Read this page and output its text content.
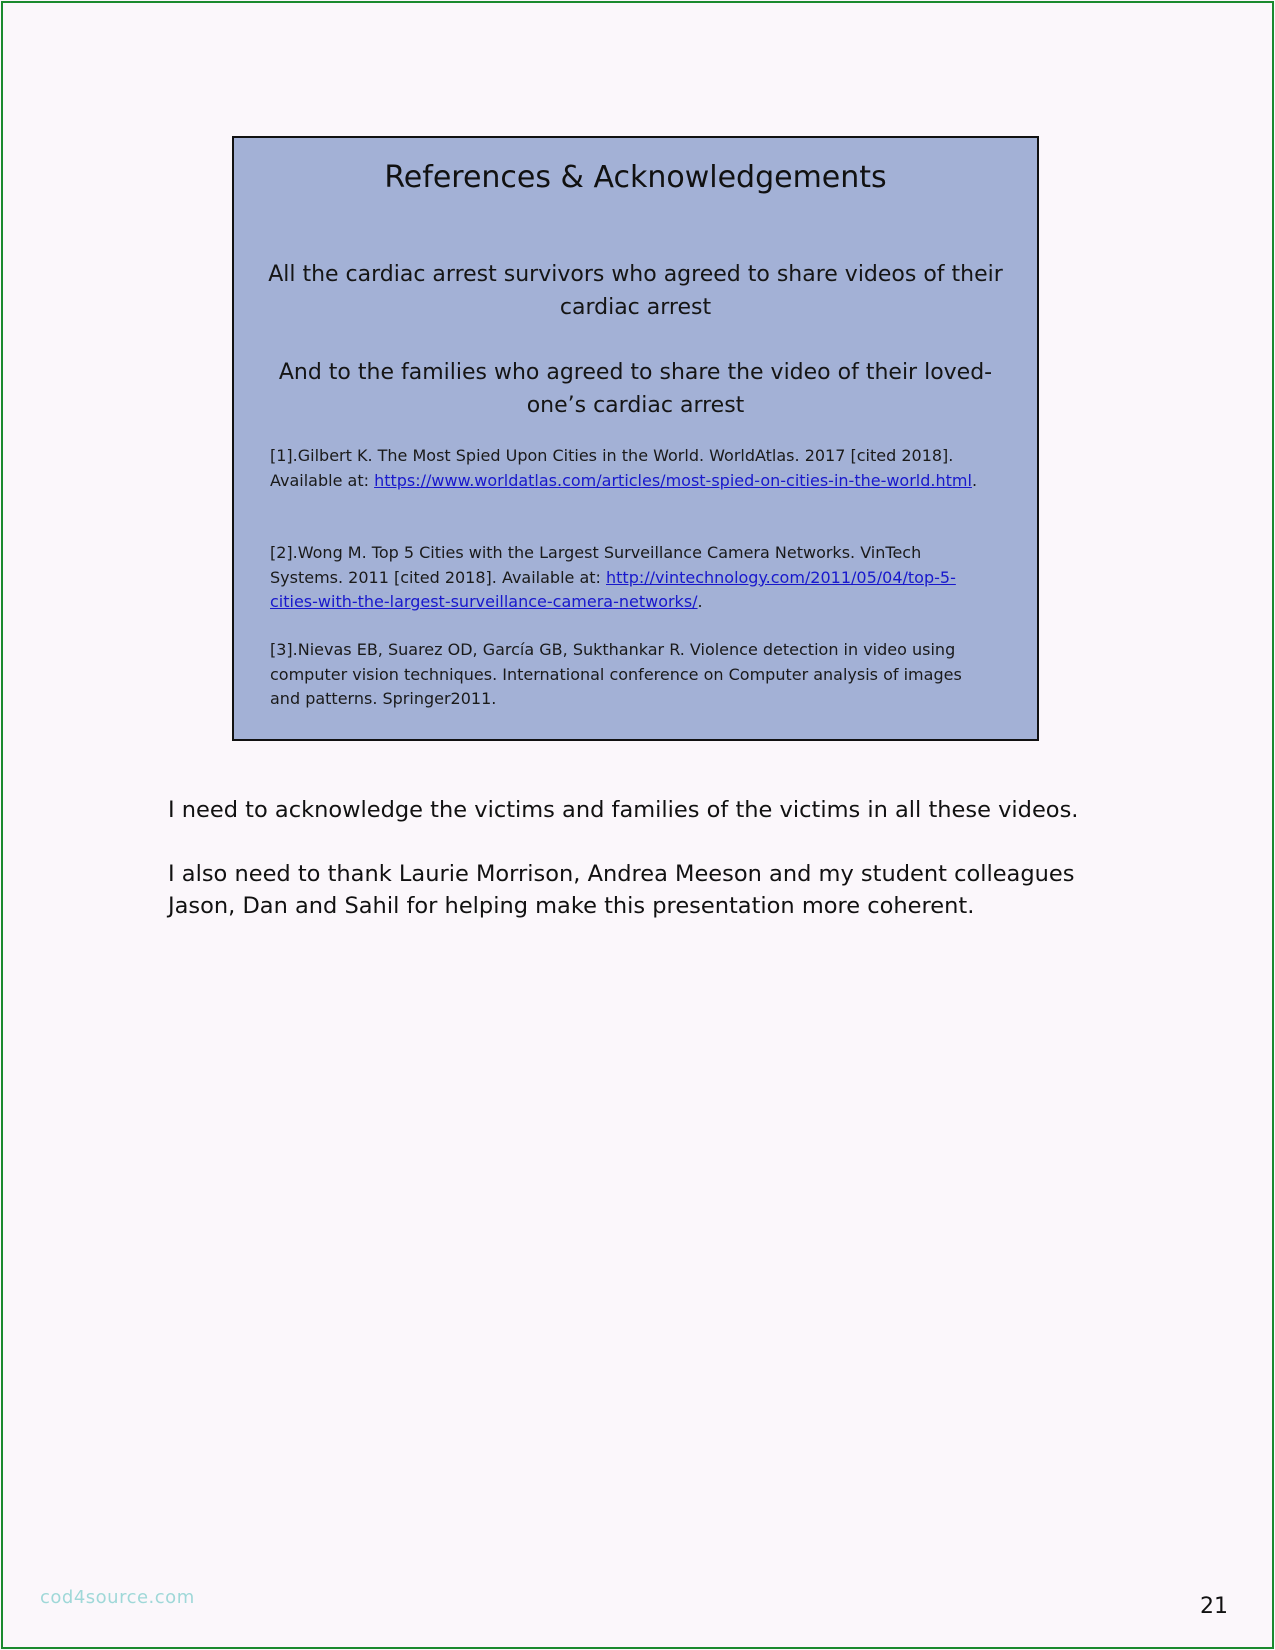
References & Acknowledgements
All the cardiac arrest survivors who agreed to share videos of their cardiac arrest
And to the families who agreed to share the video of their loved-one’s cardiac arrest
[1].Gilbert K. The Most Spied Upon Cities in the World. WorldAtlas. 2017 [cited 2018]. Available at: https://www.worldatlas.com/articles/most-spied-on-cities-in-the-world.html.
[2].Wong M. Top 5 Cities with the Largest Surveillance Camera Networks. VinTech Systems. 2011 [cited 2018]. Available at: http://vintechnology.com/2011/05/04/top-5-cities-with-the-largest-surveillance-camera-networks/.
[3].Nievas EB, Suarez OD, García GB, Sukthankar R. Violence detection in video using computer vision techniques. International conference on Computer analysis of images and patterns. Springer2011.
I need to acknowledge the victims and families of the victims in all these videos.
I also need to thank Laurie Morrison, Andrea Meeson and my student colleagues Jason, Dan and Sahil for helping make this presentation more coherent.
cod4source.com	21
